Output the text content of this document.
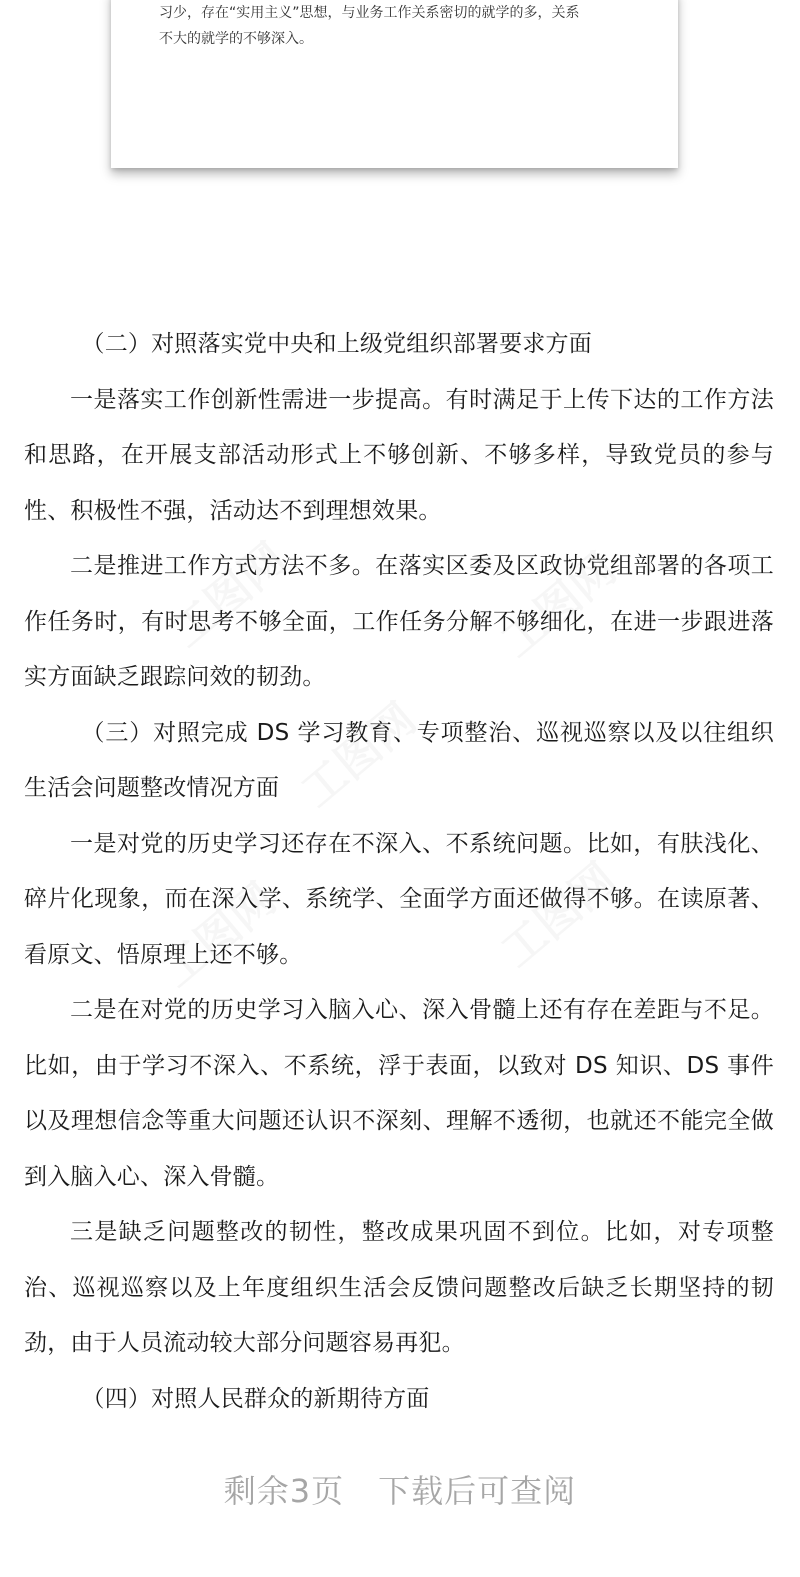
习少，存在“实用主义”思想，与业务工作关系密切的就学的多，关系
不大的就学的不够深入。

（二）对照落实党中央和上级党组织部署要求方面

一是落实工作创新性需进一步提高。有时满足于上传下达的工作方法和思路，在开展支部活动形式上不够创新、不够多样，导致党员的参与性、积极性不强，活动达不到理想效果。

二是推进工作方式方法不多。在落实区委及区政协党组部署的各项工作任务时，有时思考不够全面，工作任务分解不够细化，在进一步跟进落实方面缺乏跟踪问效的韧劲。

（三）对照完成 DS 学习教育、专项整治、巡视巡察以及以往组织生活会问题整改情况方面

一是对党的历史学习还存在不深入、不系统问题。比如，有肤浅化、碎片化现象，而在深入学、系统学、全面学方面还做得不够。在读原著、看原文、悟原理上还不够。

二是在对党的历史学习入脑入心、深入骨髓上还有存在差距与不足。比如，由于学习不深入、不系统，浮于表面，以致对 DS 知识、DS 事件以及理想信念等重大问题还认识不深刻、理解不透彻，也就还不能完全做到入脑入心、深入骨髓。

三是缺乏问题整改的韧性，整改成果巩固不到位。比如，对专项整治、巡视巡察以及上年度组织生活会反馈问题整改后缺乏长期坚持的韧劲，由于人员流动较大部分问题容易再犯。

（四）对照人民群众的新期待方面

剩余3页 下载后可查阅
